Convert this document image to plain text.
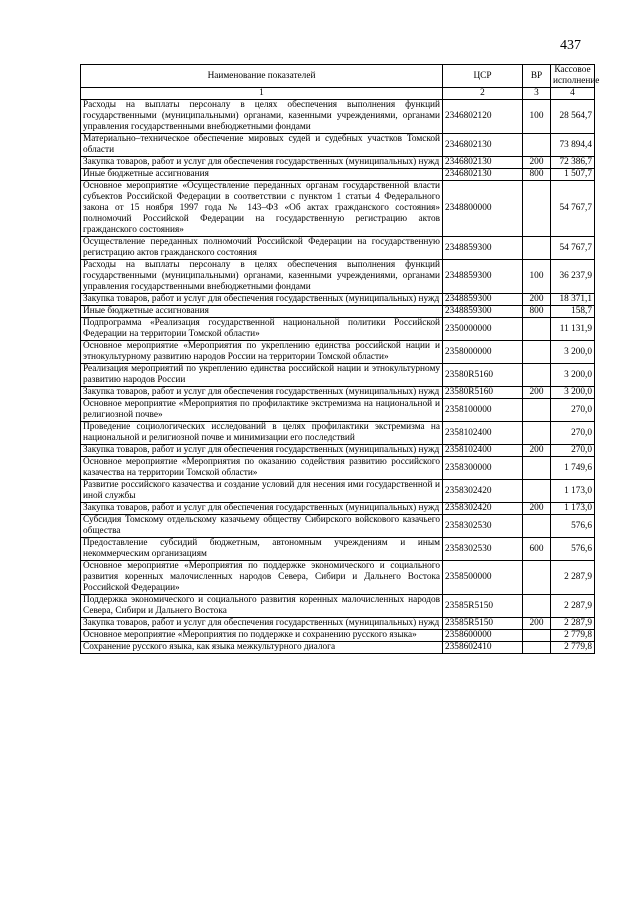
437
Наименование показателей	ЦСР	ВР	Кассовое исполнение
1	2	3	4
Расходы на выплаты персоналу в целях обеспечения выполнения функций государственными (муниципальными) органами, казенными учреждениями, органами управления государственными внебюджетными фондами	2346802120	100	28 564,7
Материально–техническое обеспечение мировых судей и судебных участков Томской области	2346802130		73 894,4
Закупка товаров, работ и услуг для обеспечения государственных (муниципальных) нужд	2346802130	200	72 386,7
Иные бюджетные ассигнования	2346802130	800	1 507,7
Основное мероприятие «Осуществление переданных органам государственной власти субъектов Российской Федерации в соответствии с пунктом 1 статьи 4 Федерального закона от 15 ноября 1997 года № 143–ФЗ «Об актах гражданского состояния» полномочий Российской Федерации на государственную регистрацию актов гражданского состояния»	2348800000		54 767,7
Осуществление переданных полномочий Российской Федерации на государственную регистрацию актов гражданского состояния	2348859300		54 767,7
Расходы на выплаты персоналу в целях обеспечения выполнения функций государственными (муниципальными) органами, казенными учреждениями, органами управления государственными внебюджетными фондами	2348859300	100	36 237,9
Закупка товаров, работ и услуг для обеспечения государственных (муниципальных) нужд	2348859300	200	18 371,1
Иные бюджетные ассигнования	2348859300	800	158,7
Подпрограмма «Реализация государственной национальной политики Российской Федерации на территории Томской области»	2350000000		11 131,9
Основное мероприятие «Мероприятия по укреплению единства российской нации и этнокультурному развитию народов России на территории Томской области»	2358000000		3 200,0
Реализация мероприятий по укреплению единства российской нации и этнокультурному развитию народов России	23580R5160		3 200,0
Закупка товаров, работ и услуг для обеспечения государственных (муниципальных) нужд	23580R5160	200	3 200,0
Основное мероприятие «Мероприятия по профилактике экстремизма на национальной и религиозной почве»	2358100000		270,0
Проведение социологических исследований в целях профилактики экстремизма на национальной и религиозной почве и минимизации его последствий	2358102400		270,0
Закупка товаров, работ и услуг для обеспечения государственных (муниципальных) нужд	2358102400	200	270,0
Основное мероприятие «Мероприятия по оказанию содействия развитию российского казачества на территории Томской области»	2358300000		1 749,6
Развитие российского казачества и создание условий для несения ими государственной и иной службы	2358302420		1 173,0
Закупка товаров, работ и услуг для обеспечения государственных (муниципальных) нужд	2358302420	200	1 173,0
Субсидия Томскому отдельскому казачьему обществу Сибирского войскового казачьего общества	2358302530		576,6
Предоставление субсидий бюджетным, автономным учреждениям и иным некоммерческим организациям	2358302530	600	576,6
Основное мероприятие «Мероприятия по поддержке экономического и социального развития коренных малочисленных народов Севера, Сибири и Дальнего Востока Российской Федерации»	2358500000		2 287,9
Поддержка экономического и социального развития коренных малочисленных народов Севера, Сибири и Дальнего Востока	23585R5150		2 287,9
Закупка товаров, работ и услуг для обеспечения государственных (муниципальных) нужд	23585R5150	200	2 287,9
Основное мероприятие «Мероприятия по поддержке и сохранению русского языка»	2358600000		2 779,8
Сохранение русского языка, как языка межкультурного диалога	2358602410		2 779,8
